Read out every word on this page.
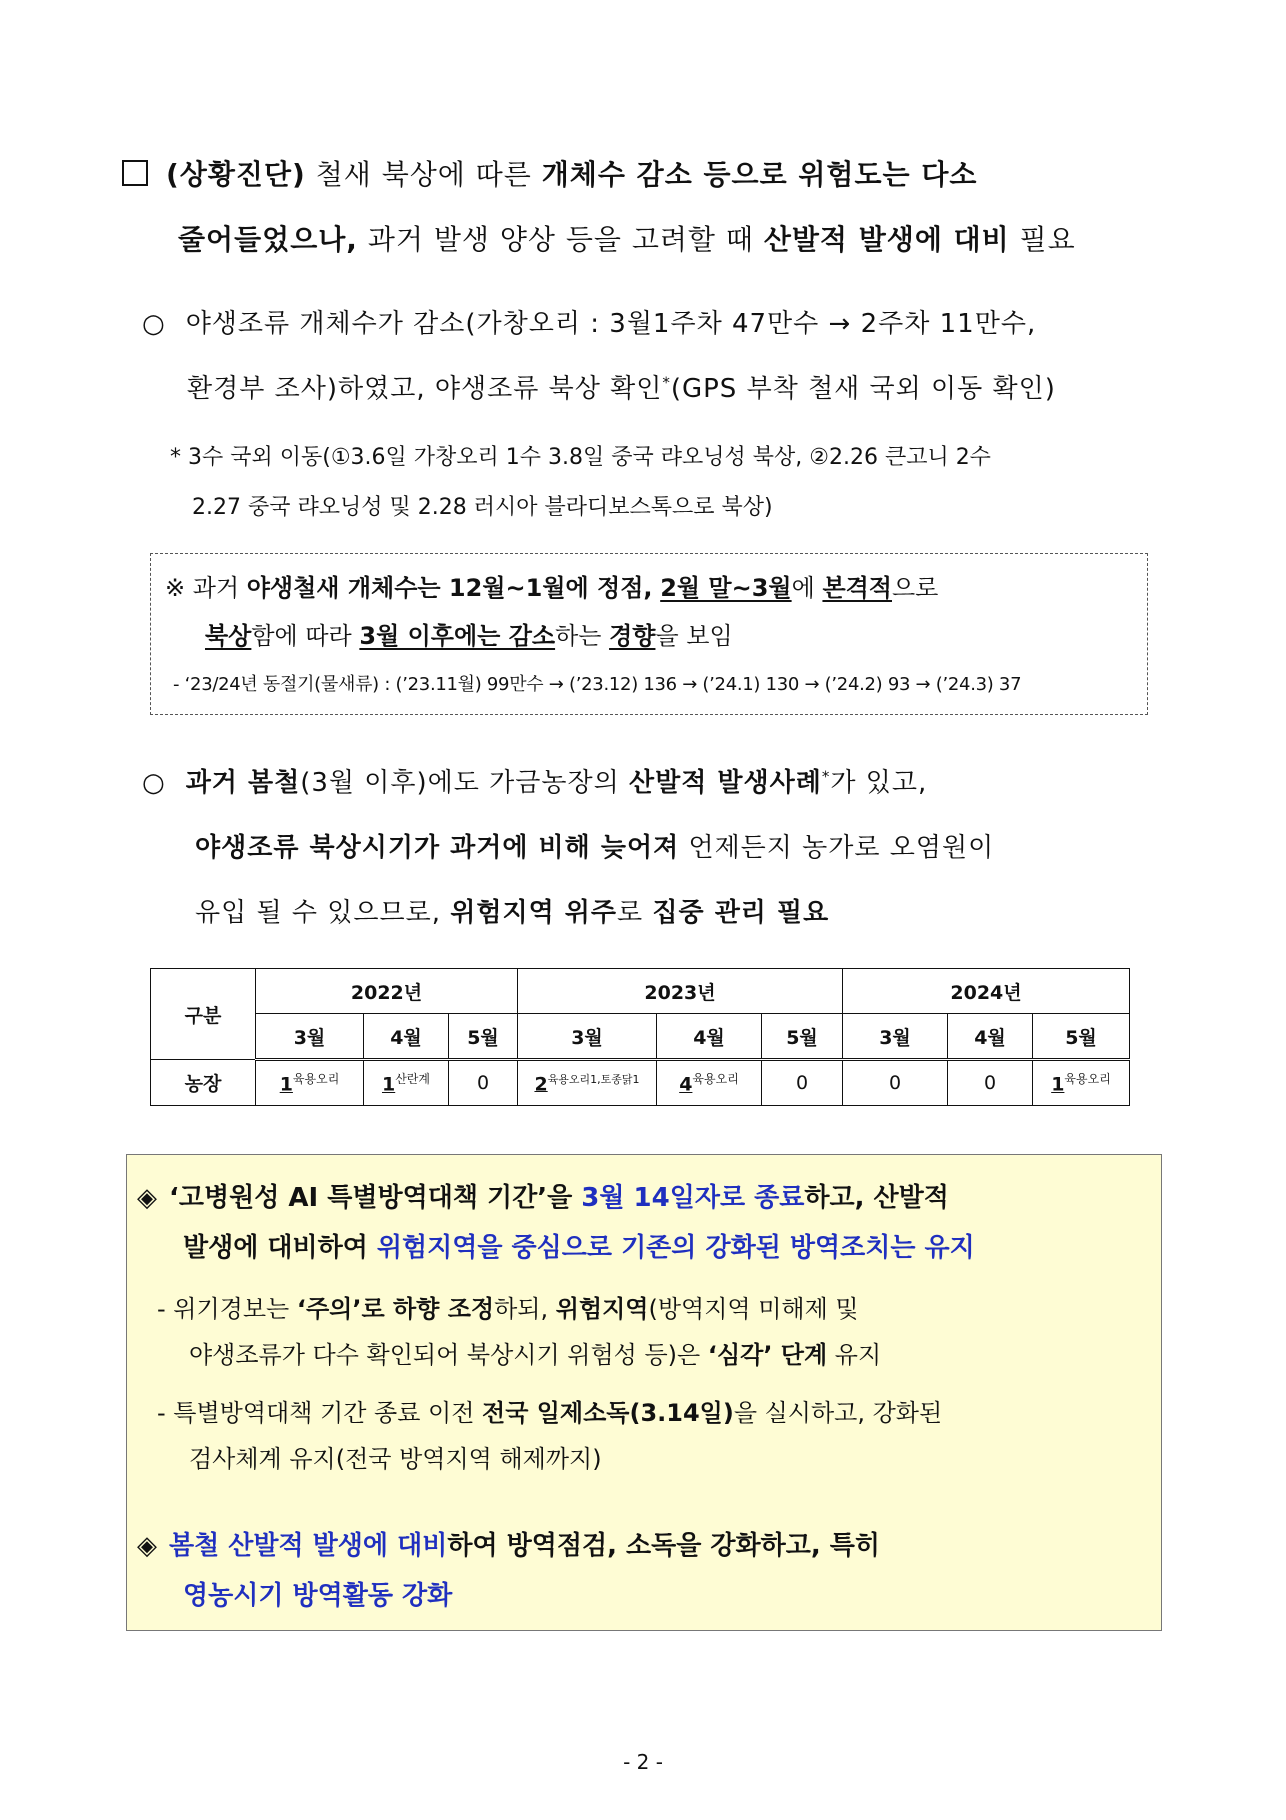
(상황진단) 철새 북상에 따른 개체수 감소 등으로 위험도는 다소
줄어들었으나, 과거 발생 양상 등을 고려할 때 산발적 발생에 대비 필요
○ 야생조류 개체수가 감소(가창오리 : 3월1주차 47만수 → 2주차 11만수,
환경부 조사)하였고, 야생조류 북상 확인*(GPS 부착 철새 국외 이동 확인)
* 3수 국외 이동(①3.6일 가창오리 1수 3.8일 중국 랴오닝성 북상, ②2.26 큰고니 2수
2.27 중국 랴오닝성 및 2.28 러시아 블라디보스톡으로 북상)
※ 과거 야생철새 개체수는 12월~1월에 정점, 2월 말~3월에 본격적으로
북상함에 따라 3월 이후에는 감소하는 경향을 보임
- ‘23/24년 동절기(물새류) : (’23.11월) 99만수 → (’23.12) 136 → (’24.1) 130 → (’24.2) 93 → (’24.3) 37
○ 과거 봄철(3월 이후)에도 가금농장의 산발적 발생사례*가 있고,
야생조류 북상시기가 과거에 비해 늦어져 언제든지 농가로 오염원이
유입 될 수 있으므로, 위험지역 위주로 집중 관리 필요
구분	2022년			2023년			2024년		
	3월	4월	5월	3월	4월	5월	3월	4월	5월
농장	$1^{육용오리}$	$1^{산란계}$	0	$2^{육용오리1,토종닭1}$	$4^{육용오리}$	0	0	0	$1^{육용오리}$
◈ ‘고병원성 AI 특별방역대책 기간’을 3월 14일자로 종료하고, 산발적
발생에 대비하여 위험지역을 중심으로 기존의 강화된 방역조치는 유지
- 위기경보는 ‘주의’로 하향 조정하되, 위험지역(방역지역 미해제 및
야생조류가 다수 확인되어 북상시기 위험성 등)은 ‘심각’ 단계 유지
- 특별방역대책 기간 종료 이전 전국 일제소독(3.14일)을 실시하고, 강화된
검사체계 유지(전국 방역지역 해제까지)
◈ 봄철 산발적 발생에 대비하여 방역점검, 소독을 강화하고, 특히
영농시기 방역활동 강화
- 2 -
